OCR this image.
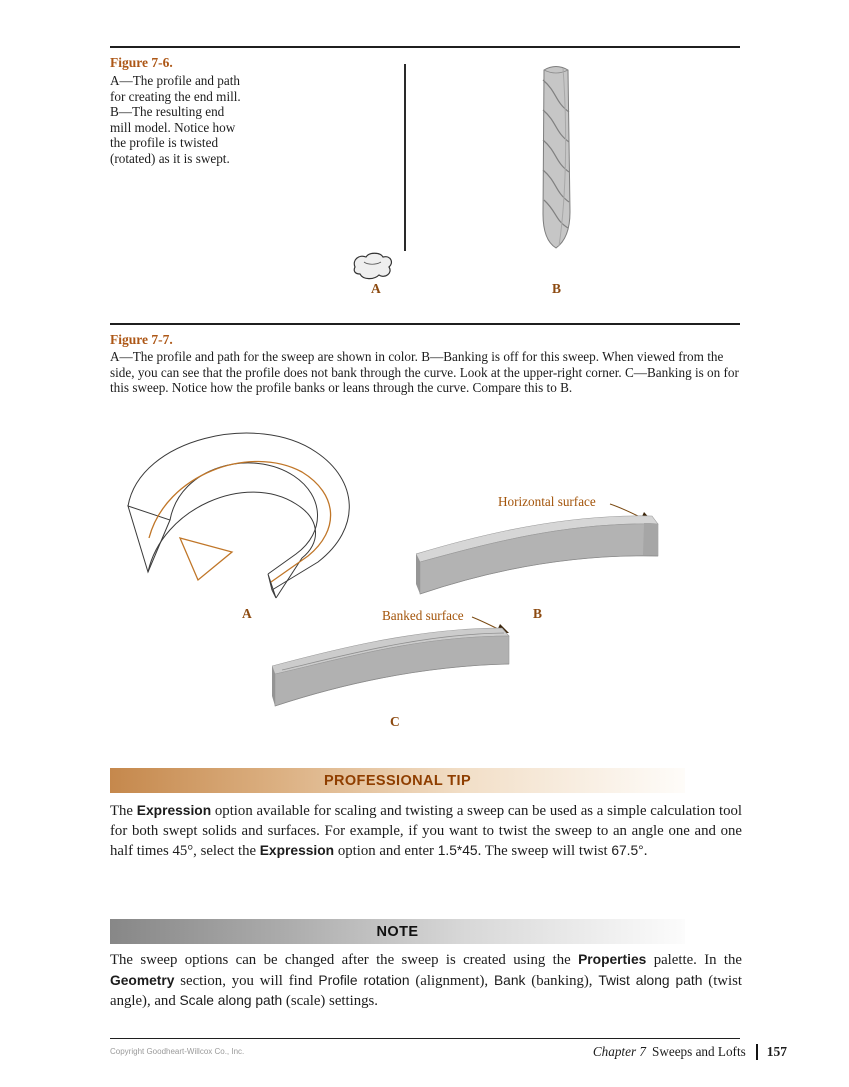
Figure 7-6.
A—The profile and path for creating the end mill. B—The resulting end mill model. Notice how the profile is twisted (rotated) as it is swept.
A	B
Figure 7-7.
A—The profile and path for the sweep are shown in color. B—Banking is off for this sweep. When viewed from the side, you can see that the profile does not bank through the curve. Look at the upper-right corner. C—Banking is on for this sweep. Notice how the profile banks or leans through the curve. Compare this to B.
A
Horizontal surface
B
Banked surface
C
PROFESSIONAL TIP

The Expression option available for scaling and twisting a sweep can be used as a simple calculation tool for both swept solids and surfaces. For example, if you want to twist the sweep to an angle one and one half times 45°, select the Expression option and enter 1.5*45. The sweep will twist 67.5°.

NOTE

The sweep options can be changed after the sweep is created using the Properties palette. In the Geometry section, you will find Profile rotation (alignment), Bank (banking), Twist along path (twist angle), and Scale along path (scale) settings.

Copyright Goodheart-Willcox Co., Inc.	Chapter 7 Sweeps and Lofts 157
